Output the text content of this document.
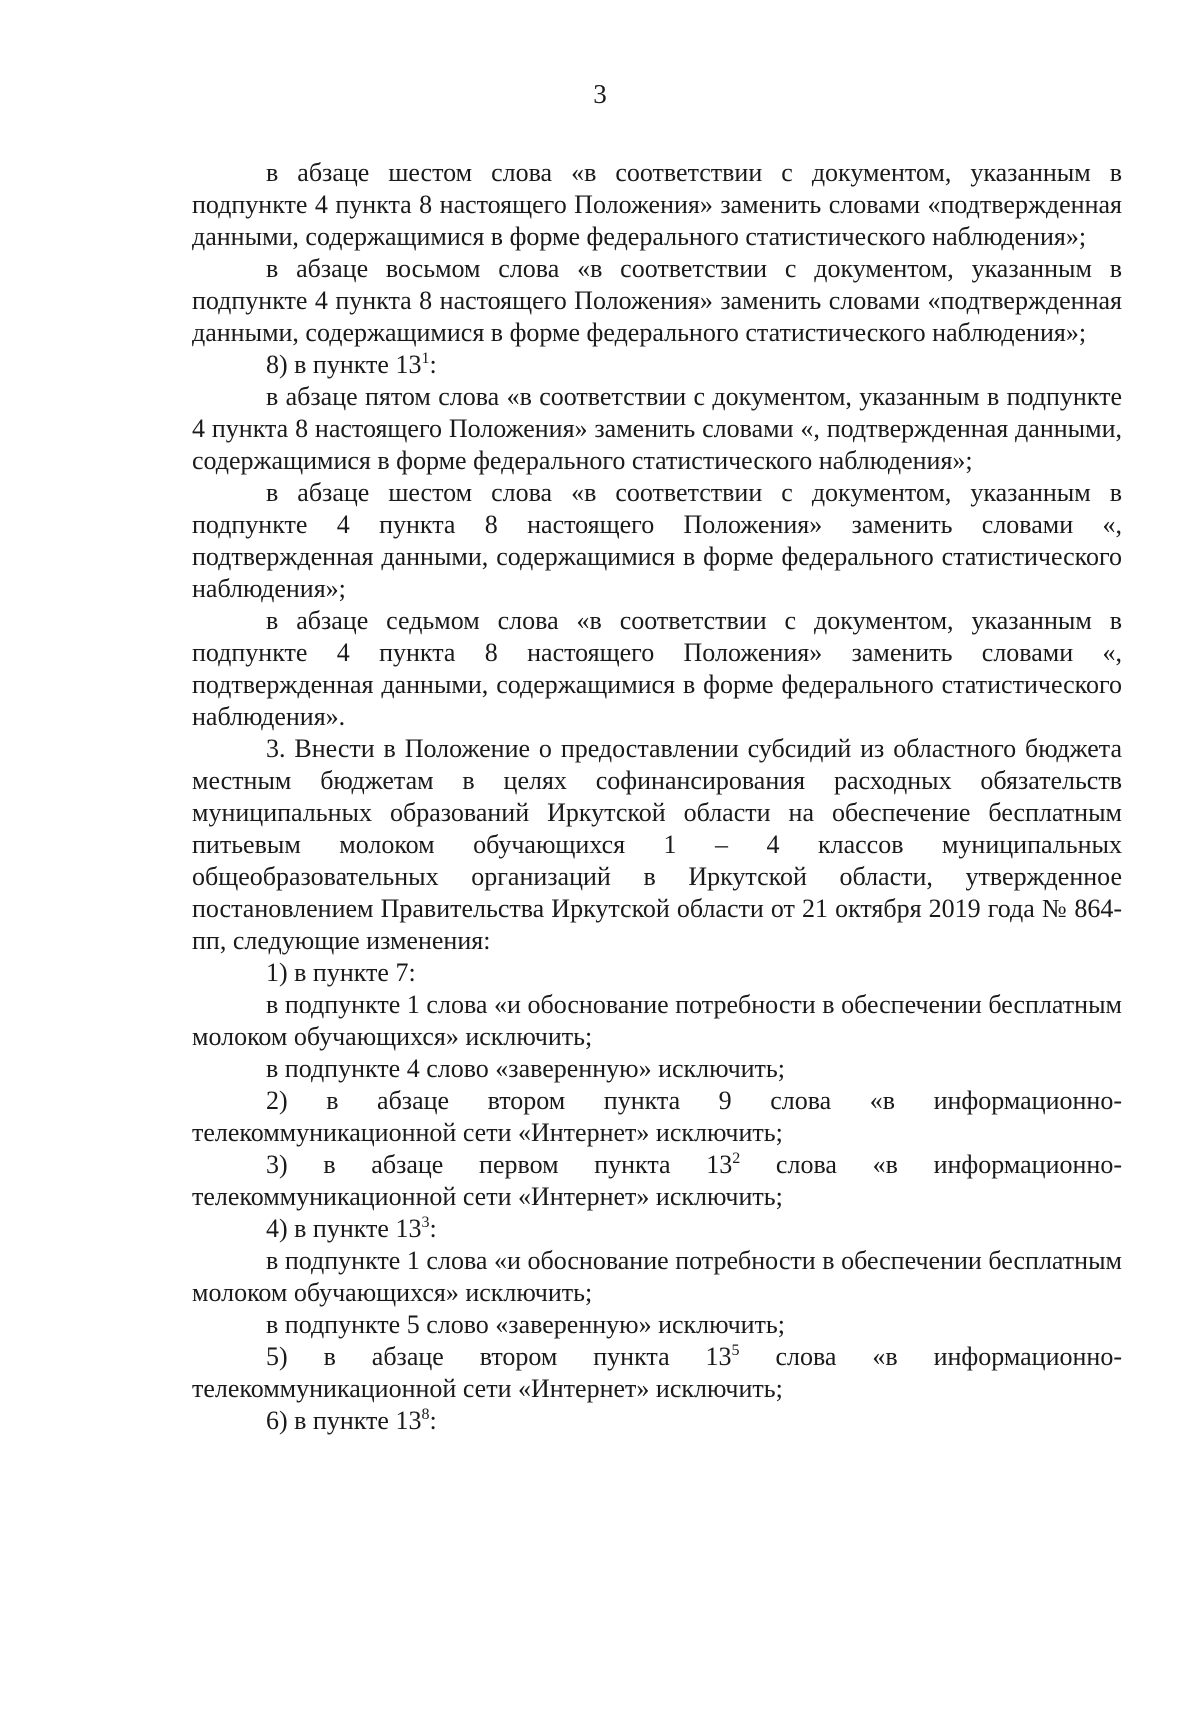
3

в абзаце шестом слова «в соответствии с документом, указанным в подпункте 4 пункта 8 настоящего Положения» заменить словами «подтвержденная данными, содержащимися в форме федерального статистического наблюдения»;

в абзаце восьмом слова «в соответствии с документом, указанным в подпункте 4 пункта 8 настоящего Положения» заменить словами «подтвержденная данными, содержащимися в форме федерального статистического наблюдения»;

8) в пункте $13^1$:

в абзаце пятом слова «в соответствии с документом, указанным в подпункте 4 пункта 8 настоящего Положения» заменить словами «, подтвержденная данными, содержащимися в форме федерального статистического наблюдения»;

в абзаце шестом слова «в соответствии с документом, указанным в подпункте 4 пункта 8 настоящего Положения» заменить словами «, подтвержденная данными, содержащимися в форме федерального статистического наблюдения»;

в абзаце седьмом слова «в соответствии с документом, указанным в подпункте 4 пункта 8 настоящего Положения» заменить словами «, подтвержденная данными, содержащимися в форме федерального статистического наблюдения».

3. Внести в Положение о предоставлении субсидий из областного бюджета местным бюджетам в целях софинансирования расходных обязательств муниципальных образований Иркутской области на обеспечение бесплатным питьевым молоком обучающихся 1 – 4 классов муниципальных общеобразовательных организаций в Иркутской области, утвержденное постановлением Правительства Иркутской области от 21 октября 2019 года № 864-пп, следующие изменения:

1) в пункте 7:

в подпункте 1 слова «и обоснование потребности в обеспечении бесплатным молоком обучающихся» исключить;

в подпункте 4 слово «заверенную» исключить;

2) в абзаце втором пункта 9 слова «в информационно-телекоммуникационной сети «Интернет» исключить;

3) в абзаце первом пункта $13^2$ слова «в информационно-телекоммуникационной сети «Интернет» исключить;

4) в пункте $13^3$:

в подпункте 1 слова «и обоснование потребности в обеспечении бесплатным молоком обучающихся» исключить;

в подпункте 5 слово «заверенную» исключить;

5) в абзаце втором пункта $13^5$ слова «в информационно-телекоммуникационной сети «Интернет» исключить;

6) в пункте $13^8$:
